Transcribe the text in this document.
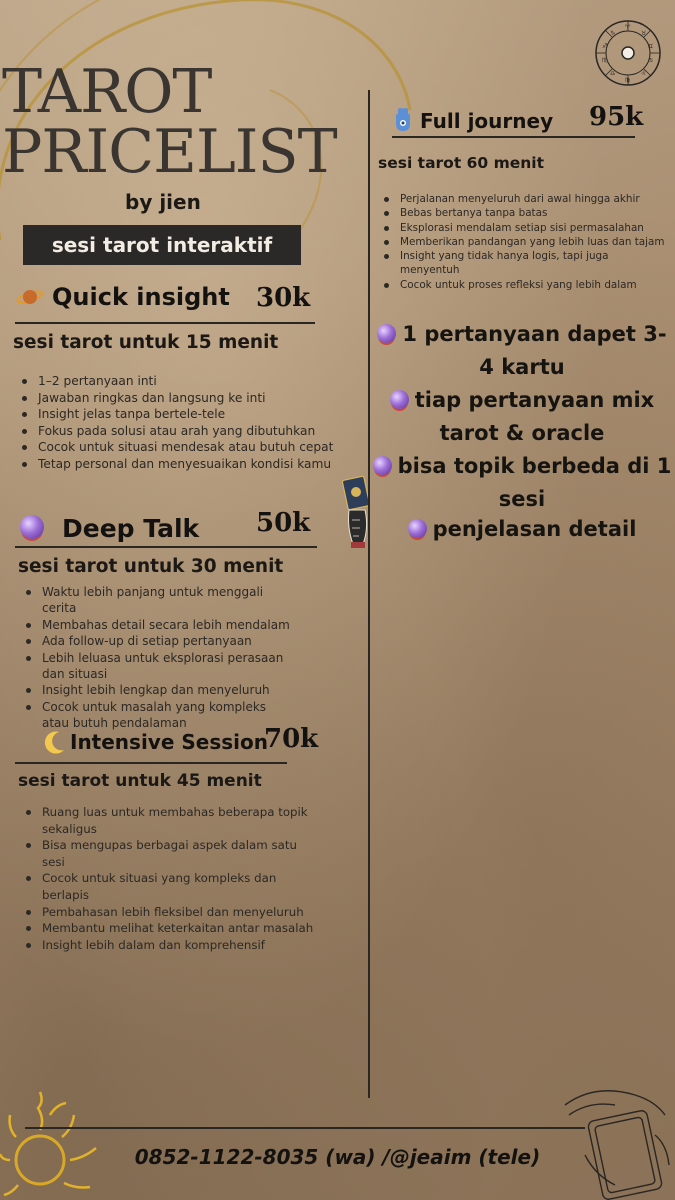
♈
♉
♊
♋
♌
♍
♎
♏
♐
♑
TAROT
PRICELIST
by jien
sesi tarot interaktif
Quick insight 30k
sesi tarot untuk 15 menit
1–2 pertanyaan inti
Jawaban ringkas dan langsung ke inti
Insight jelas tanpa bertele-tele
Fokus pada solusi atau arah yang dibutuhkan
Cocok untuk situasi mendesak atau butuh cepat
Tetap personal dan menyesuaikan kondisi kamu
Deep Talk 50k
sesi tarot untuk 30 menit
Waktu lebih panjang untuk menggali cerita
Membahas detail secara lebih mendalam
Ada follow-up di setiap pertanyaan
Lebih leluasa untuk eksplorasi perasaan dan situasi
Insight lebih lengkap dan menyeluruh
Cocok untuk masalah yang kompleks atau butuh pendalaman
Intensive Session
70k
sesi tarot untuk 45 menit
Ruang luas untuk membahas beberapa topik sekaligus
Bisa mengupas berbagai aspek dalam satu sesi
Cocok untuk situasi yang kompleks dan berlapis
Pembahasan lebih fleksibel dan menyeluruh
Membantu melihat keterkaitan antar masalah
Insight lebih dalam dan komprehensif
Full journey 95k
sesi tarot 60 menit
Perjalanan menyeluruh dari awal hingga akhir
Bebas bertanya tanpa batas
Eksplorasi mendalam setiap sisi permasalahan
Memberikan pandangan yang lebih luas dan tajam
Insight yang tidak hanya logis, tapi juga menyentuh
Cocok untuk proses refleksi yang lebih dalam
1 pertanyaan dapet 3-4 kartu
tiap pertanyaan mix tarot & oracle
bisa topik berbeda di 1 sesi
penjelasan detail
0852-1122-8035 (wa) /@jeaim (tele)
